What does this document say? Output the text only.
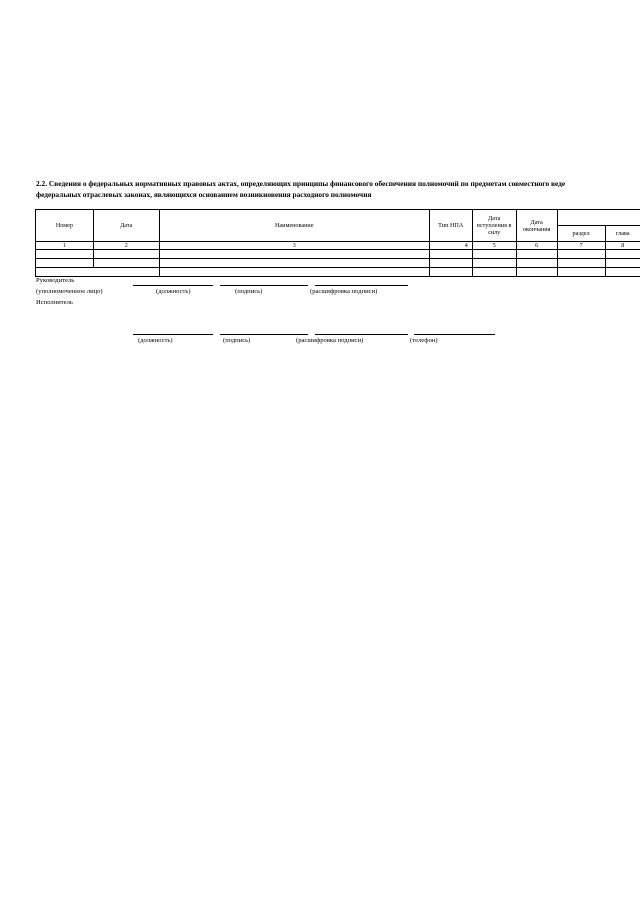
2.2. Сведения о федеральных нормативных правовых актах, определяющих принципы финансового обеспечения полномочий по предметам совместного веде
федеральных отраслевых законах, являющихся основанием возникновения расходного полномочия
Номер	Дата	Наименование	Тип НПА	Дата вступления в силу	Дата окончания		
						раздел	глава
1	2	3	4	5	6	7	8

Руководитель
(уполномоченное лицо)	(должность)	(подпись)	(расшифровка подписи)
Исполнитель
(должность)	(подпись)	(расшифровка подписи)	(телефон)
